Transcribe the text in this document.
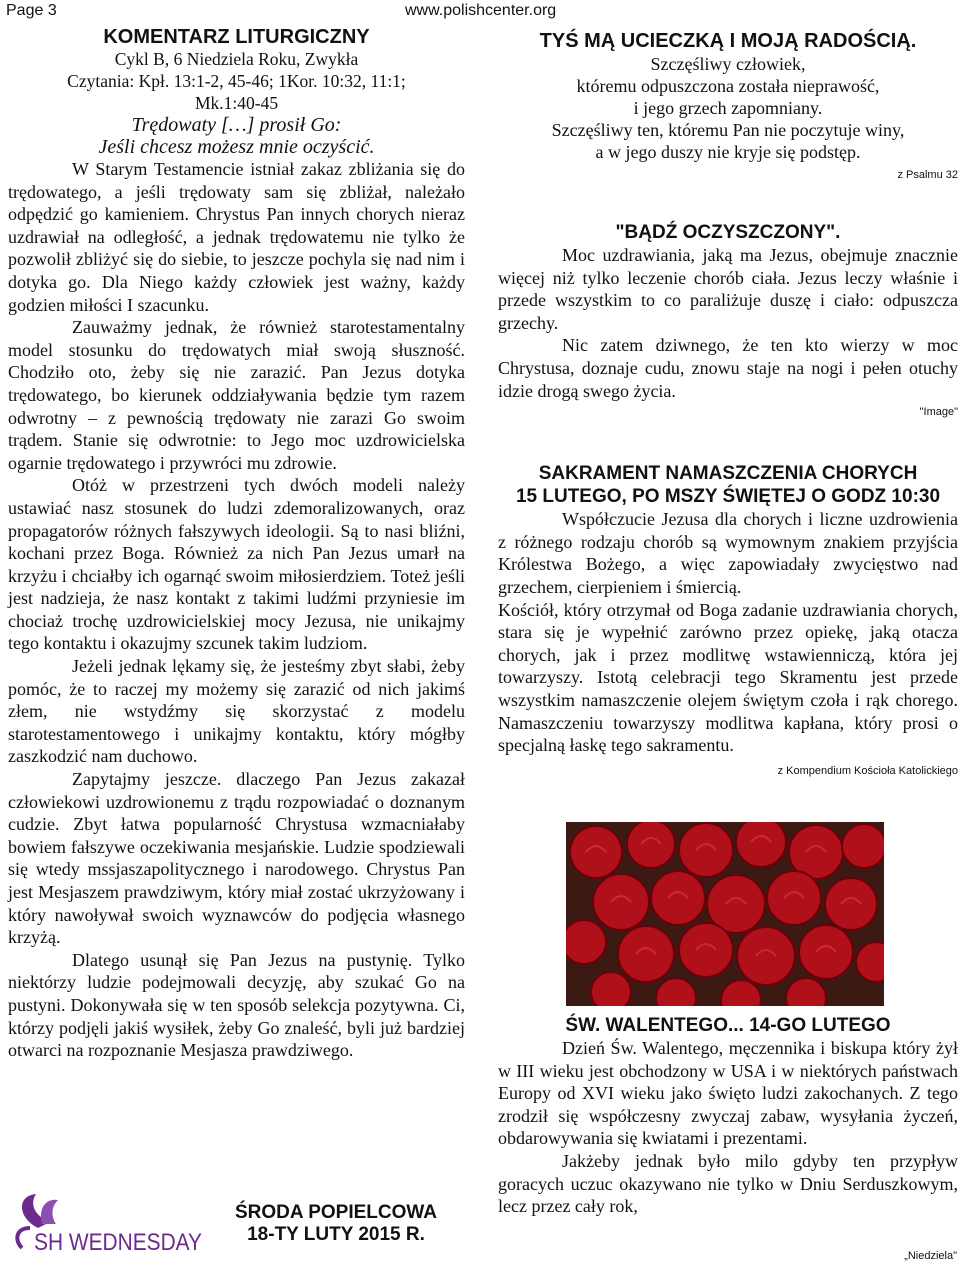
Page 3	www.polishcenter.org

KOMENTARZ LITURGICZNY

Cykl B, 6 Niedziela Roku, Zwykła

Czytania: Kpł. 13:1-2, 45-46; 1Kor. 10:32, 11:1;

Mk.1:40-45

Trędowaty […] prosił Go:

Jeśli chcesz możesz mnie oczyścić.

W Starym Testamencie istniał zakaz zbliżania się do trędowatego, a jeśli trędowaty sam się zbliżał, należało odpędzić go kamieniem. Chrystus Pan innych chorych nieraz uzdrawiał na odległość, a jednak trędowatemu nie tylko że pozwolił zbliżyć się do siebie, to jeszcze pochyla się nad nim i dotyka go. Dla Niego każdy człowiek jest ważny, każdy godzien miłości I szacunku.

Zauważmy jednak, że również starotestamentalny model stosunku do trędowatych miał swoją słuszność. Chodziło oto, żeby się nie zarazić. Pan Jezus dotyka trędowatego, bo kierunek oddziaływania będzie tym razem odwrotny – z pewnością trędowaty nie zarazi Go swoim trądem. Stanie się odwrotnie: to Jego moc uzdrowicielska ogarnie trędowatego i przywróci mu zdrowie.

Otóż w przestrzeni tych dwóch modeli należy ustawiać nasz stosunek do ludzi zdemoralizowanych, oraz propagatorów różnych fałszywych ideologii. Są to nasi bliźni, kochani przez Boga. Również za nich Pan Jezus umarł na krzyżu i chciałby ich ogarnąć swoim miłosierdziem. Toteż jeśli jest nadzieja, że nasz kontakt z takimi ludźmi przyniesie im chociaż trochę uzdrowicielskiej mocy Jezusa, nie unikajmy tego kontaktu i okazujmy szcunek takim ludziom.

Jeżeli jednak lękamy się, że jesteśmy zbyt słabi, żeby pomóc, że to raczej my możemy się zarazić od nich jakimś złem, nie wstydźmy się skorzystać z modelu starotestamentowego i unikajmy kontaktu, który mógłby zaszkodzić nam duchowo.

Zapytajmy jeszcze. dlaczego Pan Jezus zakazał człowiekowi uzdrowionemu z trądu rozpowiadać o doznanym cudzie. Zbyt łatwa popularność Chrystusa wzmacniałaby bowiem fałszywe oczekiwania mesjańskie. Ludzie spodziewali się wtedy mssjaszapolitycznego i narodowego. Chrystus Pan jest Mesjaszem prawdziwym, który miał zostać ukrzyżowany i który nawoływał swoich wyznawców do podjęcia własnego krzyżą.

Dlatego usunął się Pan Jezus na pustynię. Tylko niektórzy ludzie podejmowali decyzję, aby szukać Go na pustyni. Dokonywała się w ten sposób selekcja pozytywna. Ci, którzy podjęli jakiś wysiłek, żeby Go znaleść, byli już bardziej otwarci na rozpoznanie Mesjasza prawdziwego.

SH WEDNESDAY
ŚRODA POPIELCOWA
18-TY LUTY 2015 R.

TYŚ MĄ UCIECZKĄ I MOJĄ RADOŚCIĄ.

Szczęśliwy człowiek,

któremu odpuszczona została nieprawość,

i jego grzech zapomniany.

Szczęśliwy ten, któremu Pan nie poczytuje winy,

a w jego duszy nie kryje się podstęp.

z Psalmu 32

"BĄDŹ OCZYSZCZONY".

Moc uzdrawiania, jaką ma Jezus, obejmuje znacznie więcej niż tylko leczenie chorób ciała. Jezus leczy właśnie i przede wszystkim to co paraliżuje duszę i ciało: odpuszcza grzechy.

Nic zatem dziwnego, że ten kto wierzy w moc Chrystusa, doznaje cudu, znowu staje na nogi i pełen otuchy idzie drogą swego życia.

"Image"

SAKRAMENT NAMASZCZENIA CHORYCH

15 LUTEGO, PO MSZY ŚWIĘTEJ O GODZ 10:30

Współczucie Jezusa dla chorych i liczne uzdrowienia z różnego rodzaju chorób są wymownym znakiem przyjścia Królestwa Bożego, a więc zapowiadały zwycięstwo nad grzechem, cierpieniem i śmiercią.

Kościół, który otrzymał od Boga zadanie uzdrawiania chorych, stara się je wypełnić zarówno przez opiekę, jaką otacza chorych, jak i przez modlitwę wstawienniczą, która jej towarzyszy. Istotą celebracji tego Skramentu jest przede wszystkim namaszczenie olejem świętym czoła i rąk chorego. Namaszczeniu towarzyszy modlitwa kapłana, który prosi o specjalną łaskę tego sakramentu.

z Kompendium Kościoła Katolickiego

ŚW. WALENTEGO... 14-GO LUTEGO

Dzień Św. Walentego, męczennika i biskupa który żył w III wieku jest obchodzony w USA i w niektórych państwach Europy od XVI wieku jako święto ludzi zakochanych. Z tego zrodził się współczesny zwyczaj zabaw, wysyłania życzeń, obdarowywania się kwiatami i prezentami.

Jakżeby jednak było milo gdyby ten przypływ goracych uczuc okazywano nie tylko w Dniu Serduszkowym, lecz przez cały rok,

„Niedziela"
